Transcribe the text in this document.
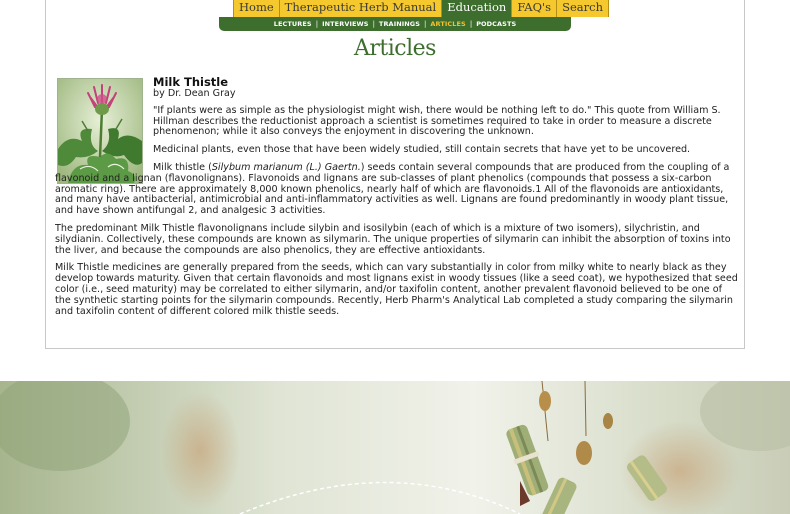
Home Therapeutic Herb Manual Education FAQ's Search
LECTURES | INTERVIEWS | TRAININGS | ARTICLES | PODCASTS
Articles
Milk Thistle
by Dr. Dean Gray

"If plants were as simple as the physiologist might wish, there would be nothing left to do." This quote from William S. Hillman describes the reductionist approach a scientist is sometimes required to take in order to measure a discrete phenomenon; while it also conveys the enjoyment in discovering the unknown.

Medicinal plants, even those that have been widely studied, still contain secrets that have yet to be uncovered.

Milk thistle (Silybum marianum (L.) Gaertn.) seeds contain several compounds that are produced from the coupling of a flavonoid and a lignan (flavonolignans). Flavonoids and lignans are sub-classes of plant phenolics (compounds that possess a six-carbon aromatic ring). There are approximately 8,000 known phenolics, nearly half of which are flavonoids.1 All of the flavonoids are antioxidants, and many have antibacterial, antimicrobial and anti-inflammatory activities as well. Lignans are found predominantly in woody plant tissue, and have shown antifungal 2, and analgesic 3 activities.

The predominant Milk Thistle flavonolignans include silybin and isosilybin (each of which is a mixture of two isomers), silychristin, and silydianin. Collectively, these compounds are known as silymarin. The unique properties of silymarin can inhibit the absorption of toxins into the liver, and because the compounds are also phenolics, they are effective antioxidants.

Milk Thistle medicines are generally prepared from the seeds, which can vary substantially in color from milky white to nearly black as they develop towards maturity. Given that certain flavonoids and most lignans exist in woody tissues (like a seed coat), we hypothesized that seed color (i.e., seed maturity) may be correlated to either silymarin, and/or taxifolin content, another prevalent flavonoid believed to be one of the synthetic starting points for the silymarin compounds. Recently, Herb Pharm's Analytical Lab completed a study comparing the silymarin and taxifolin content of different colored milk thistle seeds.
